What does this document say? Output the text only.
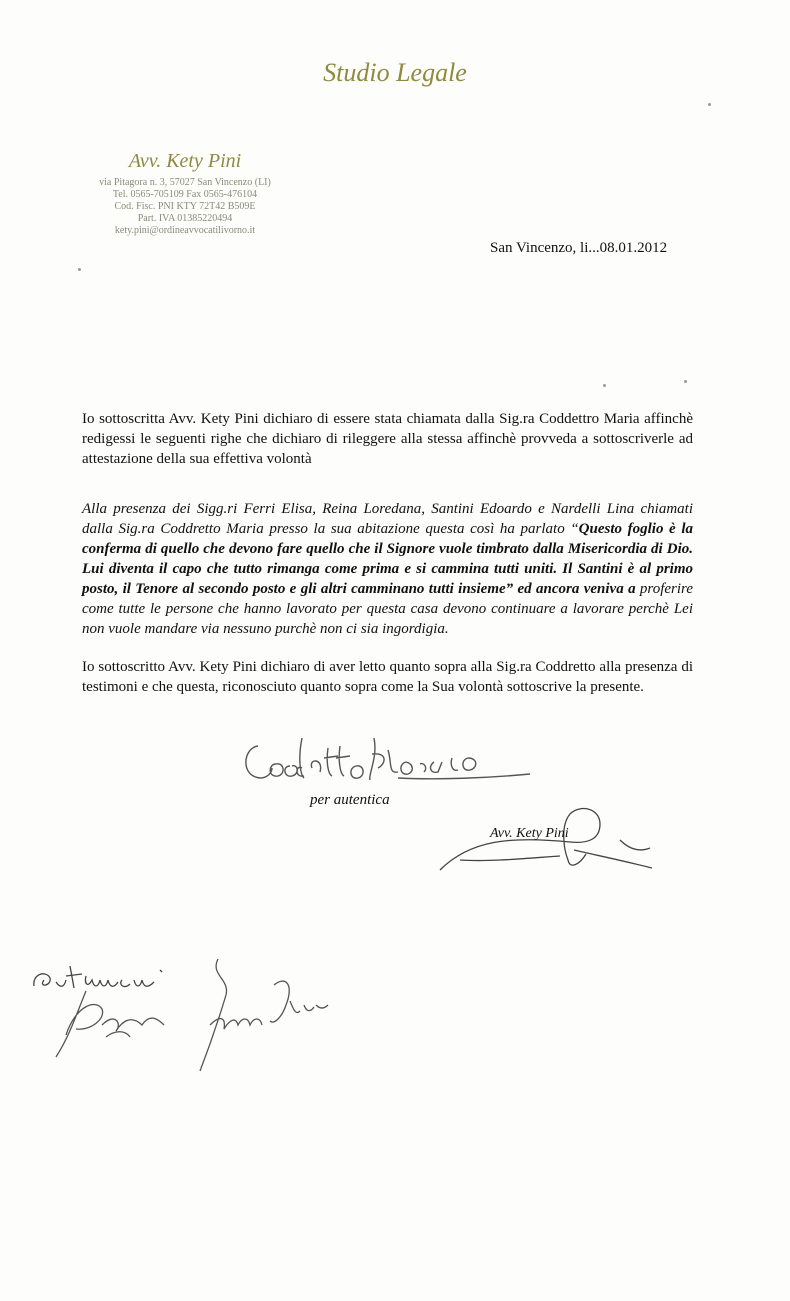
Studio Legale
Avv. Kety Pini
via Pitagora n. 3, 57027 San Vincenzo (LI)
Tel. 0565-705109 Fax 0565-476104
Cod. Fisc. PNI KTY 72T42 B509E
Part. IVA 01385220494
kety.pini@ordineavvocatilivorno.it
San Vincenzo, li...08.01.2012
Io sottoscritta Avv. Kety Pini dichiaro di essere stata chiamata dalla Sig.ra Coddettro Maria affinchè redigessi le seguenti righe che dichiaro di rileggere alla stessa affinchè provveda a sottoscriverle ad attestazione della sua effettiva volontà
Alla presenza dei Sigg.ri Ferri Elisa, Reina Loredana, Santini Edoardo e Nardelli Lina chiamati dalla Sig.ra Coddretto Maria presso la sua abitazione questa così ha parlato “Questo foglio è la conferma di quello che devono fare quello che il Signore vuole timbrato dalla Misericordia di Dio. Lui diventa il capo che tutto rimanga come prima e si cammina tutti uniti. Il Santini è al primo posto, il Tenore al secondo posto e gli altri camminano tutti insieme” ed ancora veniva a proferire come tutte le persone che hanno lavorato per questa casa devono continuare a lavorare perchè Lei non vuole mandare via nessuno purchè non ci sia ingordigia.
Io sottoscritto Avv. Kety Pini dichiaro di aver letto quanto sopra alla Sig.ra Coddretto alla presenza di testimoni e che questa, riconosciuto quanto sopra come la Sua volontà sottoscrive la presente.
per autentica
Avv. Kety Pini
